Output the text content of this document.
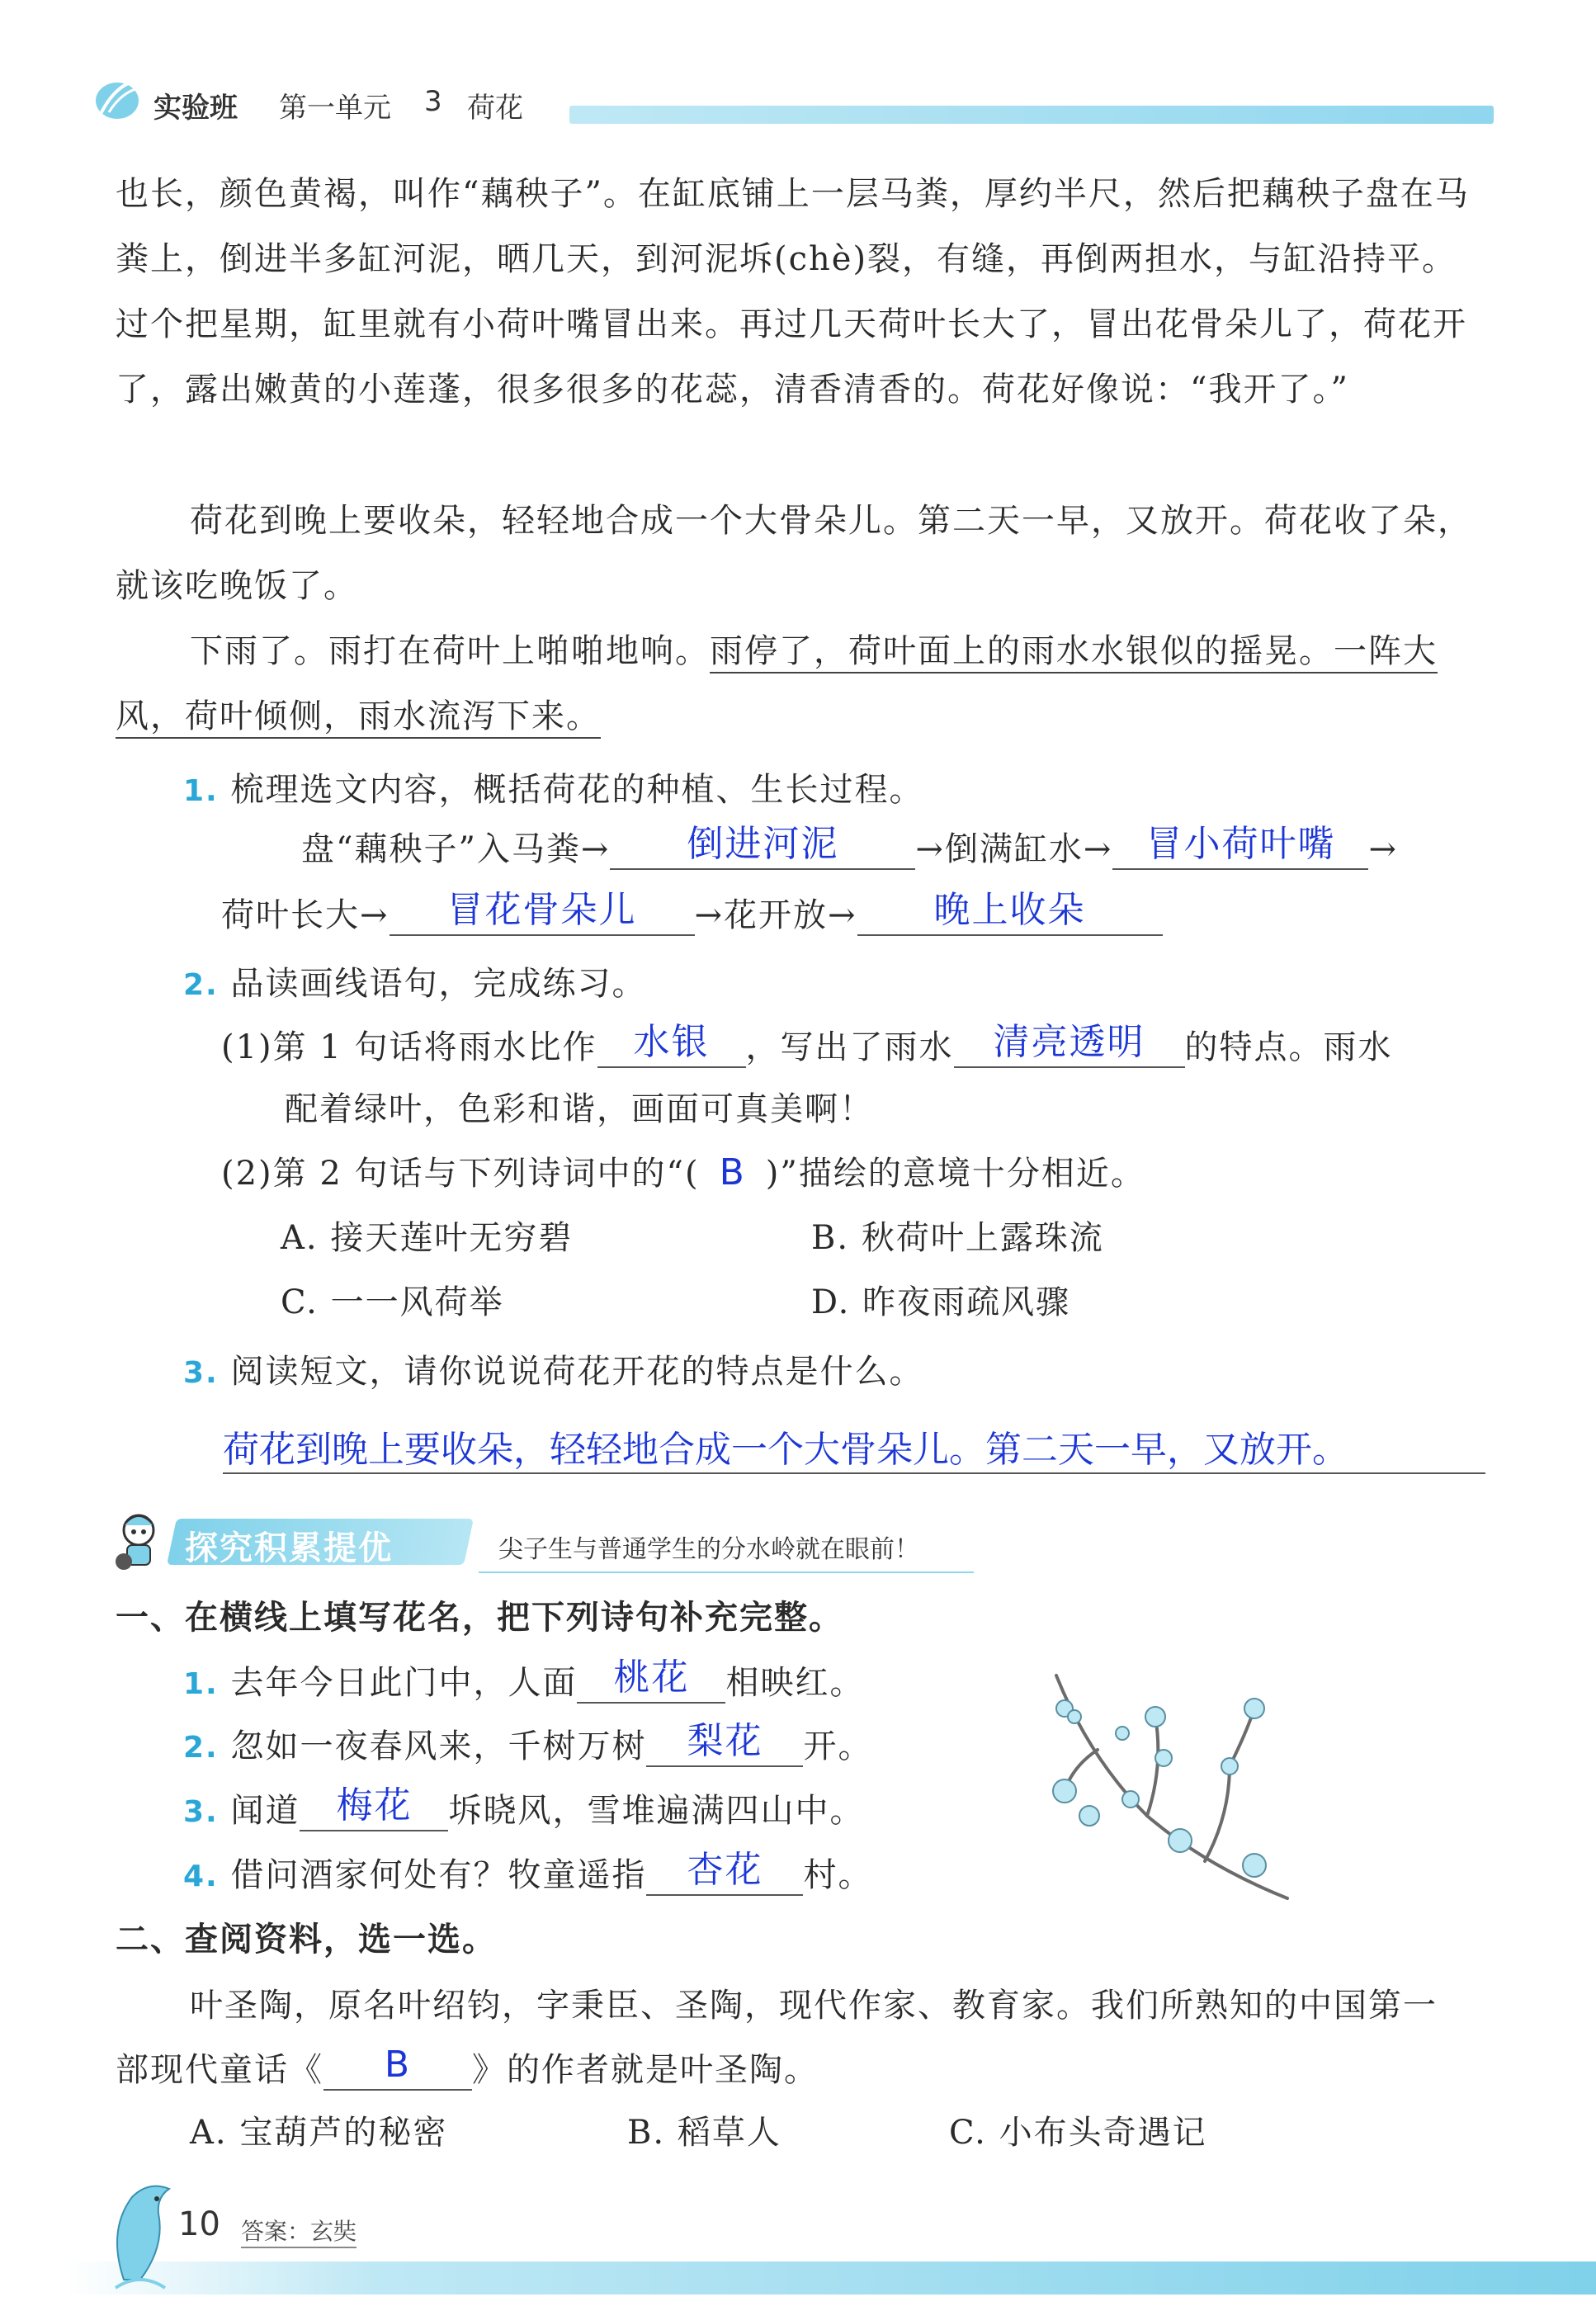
实验班 第一单元 3 荷花
也长，颜色黄褐，叫作“藕秧子”。在缸底铺上一层马粪，厚约半尺，然后把藕秧子盘在马粪上，倒进半多缸河泥，晒几天，到河泥坼(chè)裂，有缝，再倒两担水，与缸沿持平。过个把星期，缸里就有小荷叶嘴冒出来。再过几天荷叶长大了，冒出花骨朵儿了，荷花开了，露出嫩黄的小莲蓬，很多很多的花蕊，清香清香的。荷花好像说：“我开了。”
荷花到晚上要收朵，轻轻地合成一个大骨朵儿。第二天一早，又放开。荷花收了朵，就该吃晚饭了。
下雨了。雨打在荷叶上啪啪地响。雨停了，荷叶面上的雨水水银似的摇晃。一阵大风，荷叶倾侧，雨水流泻下来。
1. 梳理选文内容，概括荷花的种植、生长过程。
盘“藕秧子”入马粪→ 倒进河泥 →倒满缸水→ 冒小荷叶嘴 →
荷叶长大→ 冒花骨朵儿 →花开放→ 晚上收朵
2. 品读画线语句，完成练习。
(1)第 1 句话将雨水比作 水银 ，写出了雨水 清亮透明 的特点。雨水
配着绿叶，色彩和谐，画面可真美啊！
(2)第 2 句话与下列诗词中的“( B )”描绘的意境十分相近。
A. 接天莲叶无穷碧	B. 秋荷叶上露珠流
C. 一一风荷举	D. 昨夜雨疏风骤
3. 阅读短文，请你说说荷花开花的特点是什么。
荷花到晚上要收朵，轻轻地合成一个大骨朵儿。第二天一早，又放开。
探究积累提优	尖子生与普通学生的分水岭就在眼前！
一、在横线上填写花名，把下列诗句补充完整。
1. 去年今日此门中，人面 桃花 相映红。
2. 忽如一夜春风来，千树万树 梨花 开。
3. 闻道 梅花 坼晓风，雪堆遍满四山中。
4. 借问酒家何处有？牧童遥指 杏花 村。
二、查阅资料，选一选。
叶圣陶，原名叶绍钧，字秉臣、圣陶，现代作家、教育家。我们所熟知的中国第一
部现代童话《 B 》的作者就是叶圣陶。
A. 宝葫芦的秘密	B. 稻草人	C. 小布头奇遇记
10 答案：玄奘
